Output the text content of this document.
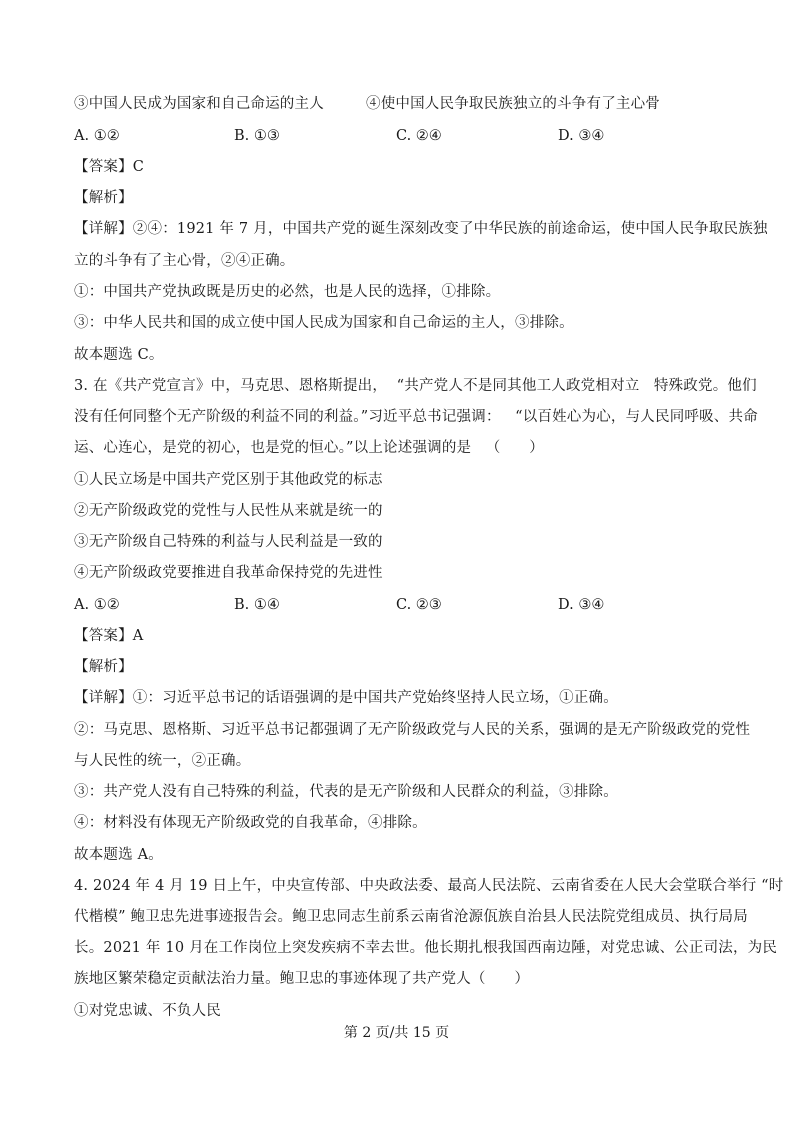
③中国人民成为国家和自己命运的主人	④使中国人民争取民族独立的斗争有了主心骨
A. ①②	B. ①③	C. ②④	D. ③④
【答案】C
【解析】
【详解】②④：1921 年 7 月，中国共产党的诞生深刻改变了中华民族的前途命运，使中国人民争取民族独
立的斗争有了主心骨，②④正确。
①：中国共产党执政既是历史的必然，也是人民的选择，①排除。
③：中华人民共和国的成立使中国人民成为国家和自己命运的主人，③排除。
故本题选 C。
3. 在《共产党宣言》中，马克思、恩格斯提出，  “共产党人不是同其他工人政党相对立   特殊政党。他们
没有任何同整个无产阶级的利益不同的利益。”习近平总书记强调：   “以百姓心为心，与人民同呼吸、共命
运、心连心，是党的初心，也是党的恒心。”以上论述强调的是   （      ）
①人民立场是中国共产党区别于其他政党的标志
②无产阶级政党的党性与人民性从来就是统一的
③无产阶级自己特殊的利益与人民利益是一致的
④无产阶级政党要推进自我革命保持党的先进性
A. ①②	B. ①④	C. ②③	D. ③④
【答案】A
【解析】
【详解】①：习近平总书记的话语强调的是中国共产党始终坚持人民立场，①正确。
②：马克思、恩格斯、习近平总书记都强调了无产阶级政党与人民的关系，强调的是无产阶级政党的党性
与人民性的统一，②正确。
③：共产党人没有自己特殊的利益，代表的是无产阶级和人民群众的利益，③排除。
④：材料没有体现无产阶级政党的自我革命，④排除。
故本题选 A。
4. 2024 年 4 月 19 日上午，中央宣传部、中央政法委、最高人民法院、云南省委在人民大会堂联合举行 “时
代楷模” 鲍卫忠先进事迹报告会。鲍卫忠同志生前系云南省沧源佤族自治县人民法院党组成员、执行局局
长。2021 年 10 月在工作岗位上突发疾病不幸去世。他长期扎根我国西南边陲，对党忠诚、公正司法，为民
族地区繁荣稳定贡献法治力量。鲍卫忠的事迹体现了共产党人（      ）
①对党忠诚、不负人民
第 2 页/共 15 页
